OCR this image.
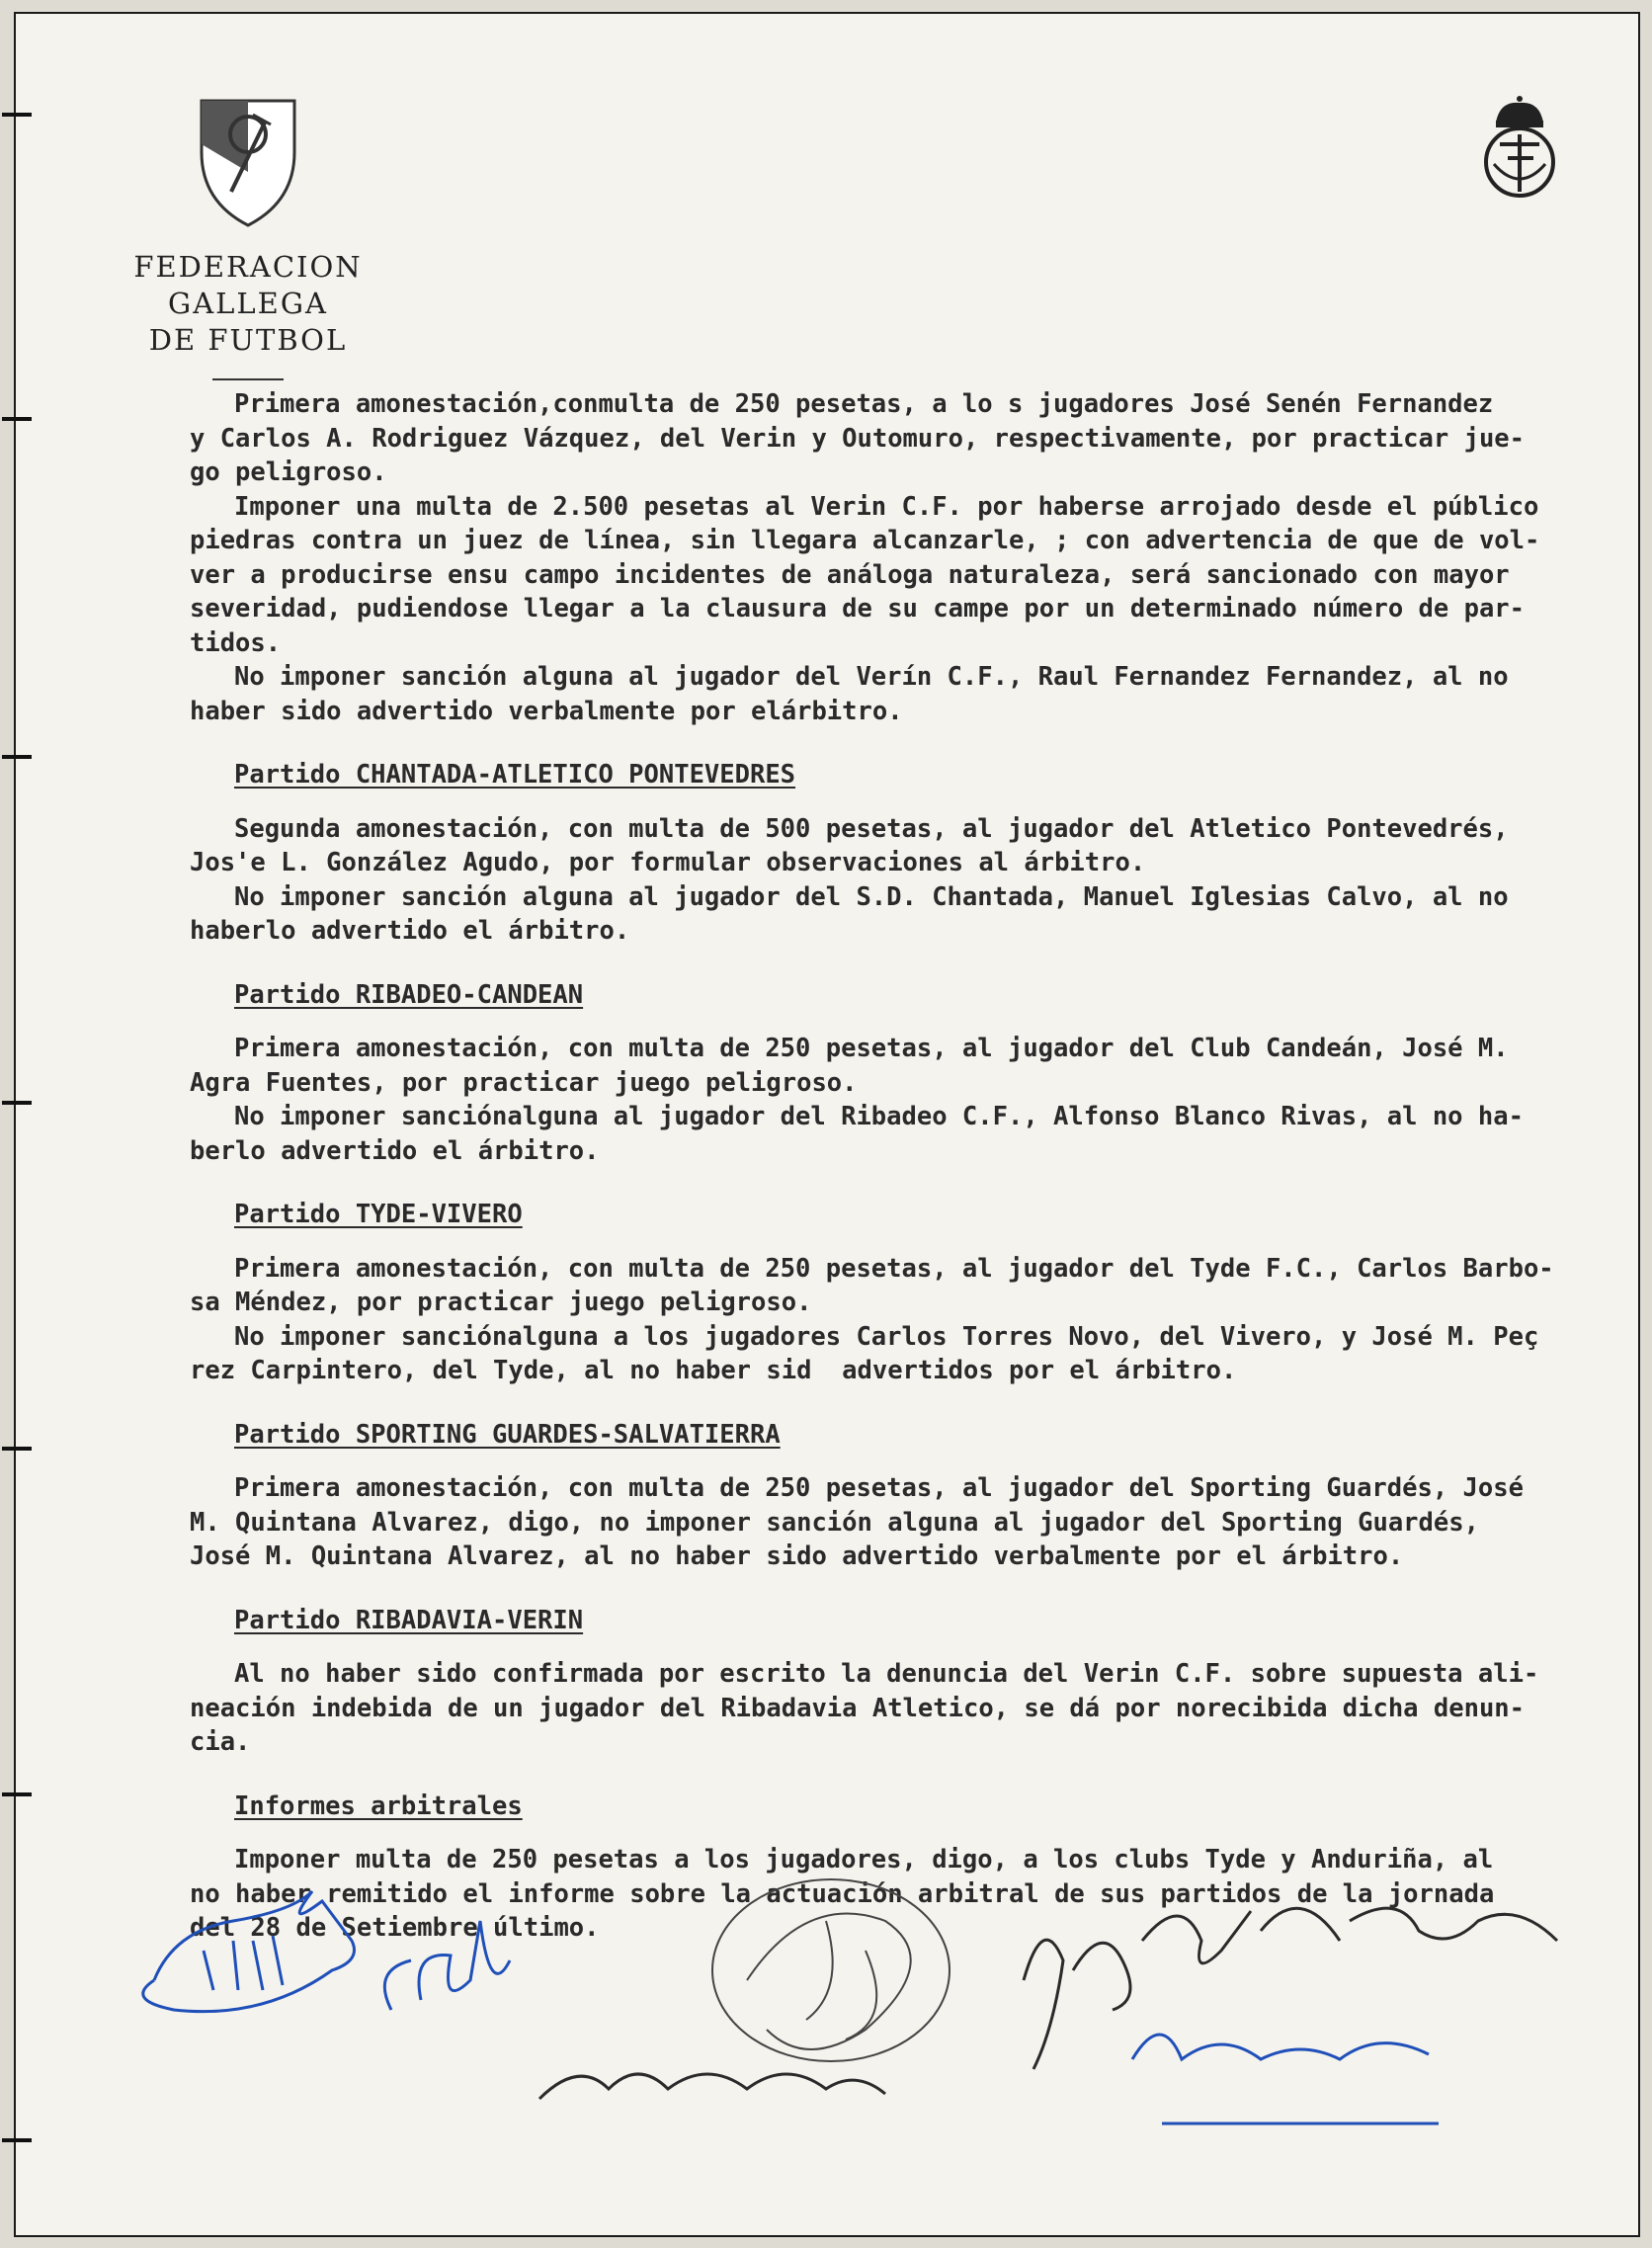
FEDERACION GALLEGA
DE FUTBOL

Primera amonestación,conmulta de 250 pesetas, a lo s jugadores José Senén Fernandez

y Carlos A. Rodriguez Vázquez, del Verin y Outomuro, respectivamente, por practicar jue-

go peligroso.

Imponer una multa de 2.500 pesetas al Verin C.F. por haberse arrojado desde el público

piedras contra un juez de línea, sin llegara alcanzarle, ; con advertencia de que de vol-

ver a producirse ensu campo incidentes de análoga naturaleza, será sancionado con mayor

severidad, pudiendose llegar a la clausura de su campe por un determinado número de par-

tidos.

No imponer sanción alguna al jugador del Verín C.F., Raul Fernandez Fernandez, al no

haber sido advertido verbalmente por elárbitro.

Partido CHANTADA-ATLETICO PONTEVEDRES

Segunda amonestación, con multa de 500 pesetas, al jugador del Atletico Pontevedrés,

Jos'e L. González Agudo, por formular observaciones al árbitro.

No imponer sanción alguna al jugador del S.D. Chantada, Manuel Iglesias Calvo, al no

haberlo advertido el árbitro.

Partido RIBADEO-CANDEAN

Primera amonestación, con multa de 250 pesetas, al jugador del Club Candeán, José M.

Agra Fuentes, por practicar juego peligroso.

No imponer sanciónalguna al jugador del Ribadeo C.F., Alfonso Blanco Rivas, al no ha-

berlo advertido el árbitro.

Partido TYDE-VIVERO

Primera amonestación, con multa de 250 pesetas, al jugador del Tyde F.C., Carlos Barbo-

sa Méndez, por practicar juego peligroso.

No imponer sanciónalguna a los jugadores Carlos Torres Novo, del Vivero, y José M. Peç

rez Carpintero, del Tyde, al no haber sid  advertidos por el árbitro.

Partido SPORTING GUARDES-SALVATIERRA

Primera amonestación, con multa de 250 pesetas, al jugador del Sporting Guardés, José

M. Quintana Alvarez, digo, no imponer sanción alguna al jugador del Sporting Guardés,

José M. Quintana Alvarez, al no haber sido advertido verbalmente por el árbitro.

Partido RIBADAVIA-VERIN

Al no haber sido confirmada por escrito la denuncia del Verin C.F. sobre supuesta ali-

neación indebida de un jugador del Ribadavia Atletico, se dá por norecibida dicha denun-

cia.

Informes arbitrales

Imponer multa de 250 pesetas a los jugadores, digo, a los clubs Tyde y Anduriña, al

no haber remitido el informe sobre la actuación arbitral de sus partidos de la jornada

del 28 de Setiembre último.
